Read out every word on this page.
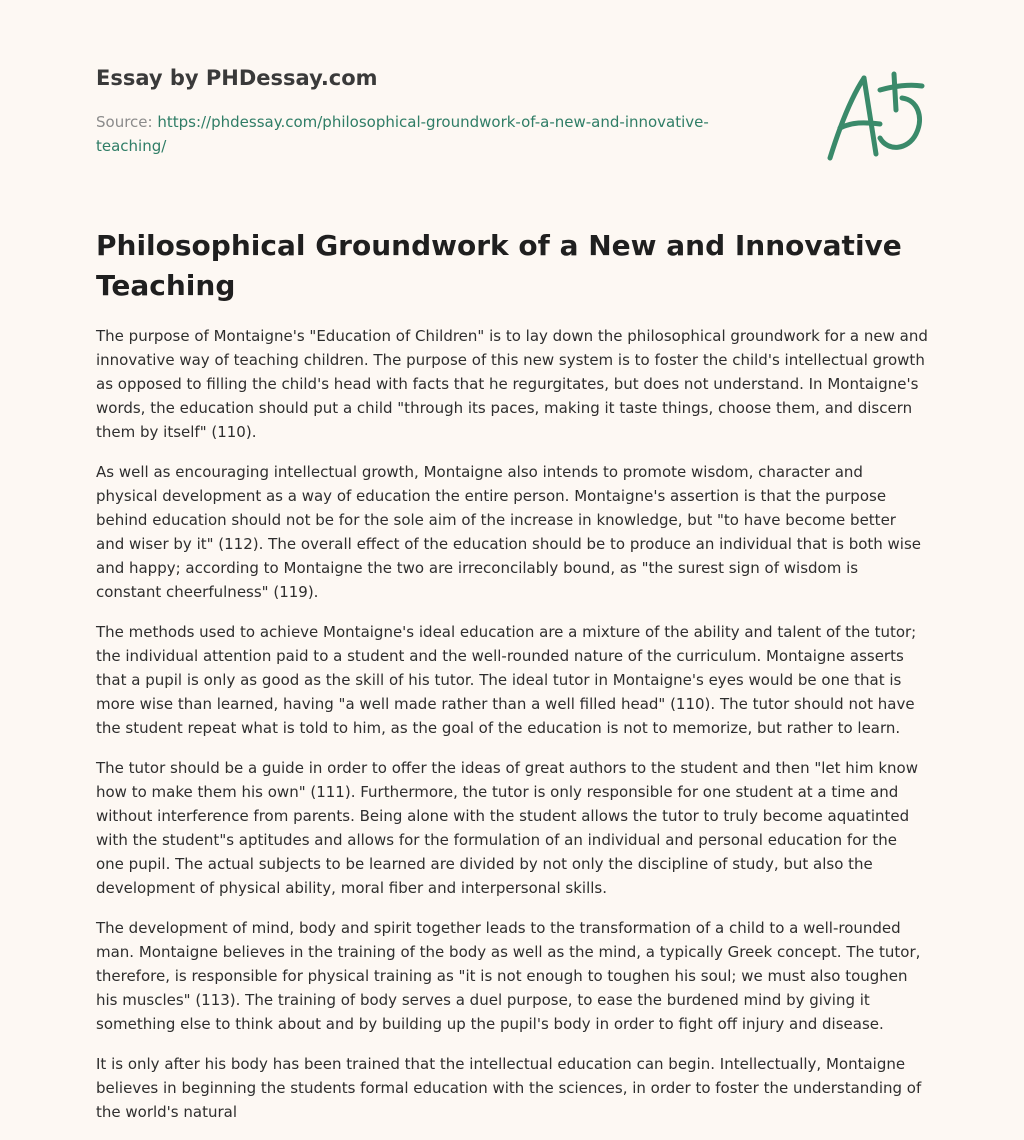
Essay by PHDessay.com
Source: https://phdessay.com/philosophical-groundwork-of-a-new-and-innovative-teaching/
Philosophical Groundwork of a New and Innovative Teaching

The purpose of Montaigne's "Education of Children" is to lay down the philosophical groundwork for a new and innovative way of teaching children. The purpose of this new system is to foster the child's intellectual growth as opposed to filling the child's head with facts that he regurgitates, but does not understand. In Montaigne's words, the education should put a child "through its paces, making it taste things, choose them, and discern them by itself" (110).

As well as encouraging intellectual growth, Montaigne also intends to promote wisdom, character and physical development as a way of education the entire person. Montaigne's assertion is that the purpose behind education should not be for the sole aim of the increase in knowledge, but "to have become better and wiser by it" (112). The overall effect of the education should be to produce an individual that is both wise and happy; according to Montaigne the two are irreconcilably bound, as "the surest sign of wisdom is constant cheerfulness" (119).

The methods used to achieve Montaigne's ideal education are a mixture of the ability and talent of the tutor; the individual attention paid to a student and the well-rounded nature of the curriculum. Montaigne asserts that a pupil is only as good as the skill of his tutor. The ideal tutor in Montaigne's eyes would be one that is more wise than learned, having "a well made rather than a well filled head" (110). The tutor should not have the student repeat what is told to him, as the goal of the education is not to memorize, but rather to learn.

The tutor should be a guide in order to offer the ideas of great authors to the student and then "let him know how to make them his own" (111). Furthermore, the tutor is only responsible for one student at a time and without interference from parents. Being alone with the student allows the tutor to truly become aquatinted with the student"s aptitudes and allows for the formulation of an individual and personal education for the one pupil. The actual subjects to be learned are divided by not only the discipline of study, but also the development of physical ability, moral fiber and interpersonal skills.

The development of mind, body and spirit together leads to the transformation of a child to a well-rounded man. Montaigne believes in the training of the body as well as the mind, a typically Greek concept. The tutor, therefore, is responsible for physical training as "it is not enough to toughen his soul; we must also toughen his muscles" (113). The training of body serves a duel purpose, to ease the burdened mind by giving it something else to think about and by building up the pupil's body in order to fight off injury and disease.

It is only after his body has been trained that the intellectual education can begin. Intellectually, Montaigne believes in beginning the students formal education with the sciences, in order to foster the understanding of the world's natural
